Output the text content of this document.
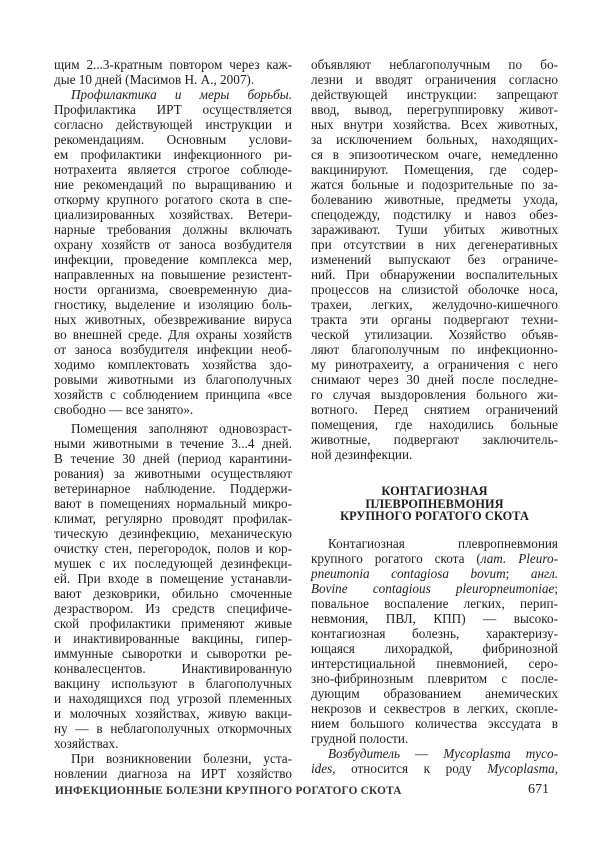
щим 2...3-кратным повтором через каж-
дые 10 дней (Масимов Н. А., 2007).
Профилактика и меры борьбы.
Профилактика ИРТ осуществляется
согласно действующей инструкции и
рекомендациям. Основным услови-
ем профилактики инфекционного ри-
нотрахеита является строгое соблюде-
ние рекомендаций по выращиванию и
откорму крупного рогатого скота в спе-
циализированных хозяйствах. Ветери-
нарные требования должны включать
охрану хозяйств от заноса возбудителя
инфекции, проведение комплекса мер,
направленных на повышение резистент-
ности организма, своевременную диа-
гностику, выделение и изоляцию боль-
ных животных, обезвреживание вируса
во внешней среде. Для охраны хозяйств
от заноса возбудителя инфекции необ-
ходимо комплектовать хозяйства здо-
ровыми животными из благополучных
хозяйств с соблюдением принципа «все
свободно — все занято».
Помещения заполняют одновозраст-
ными животными в течение 3...4 дней.
В течение 30 дней (период карантини-
рования) за животными осуществляют
ветеринарное наблюдение. Поддержи-
вают в помещениях нормальный микро-
климат, регулярно проводят профилак-
тическую дезинфекцию, механическую
очистку стен, перегородок, полов и кор-
мушек с их последующей дезинфекци-
ей. При входе в помещение устанавли-
вают дезковрики, обильно смоченные
дезраствором. Из средств специфиче-
ской профилактики применяют живые
и инактивированные вакцины, гипер-
иммунные сыворотки и сыворотки ре-
конвалесцентов. Инактивированную
вакцину используют в благополучных
и находящихся под угрозой племенных
и молочных хозяйствах, живую вакци-
ну — в неблагополучных откормочных
хозяйствах.
При возникновении болезни, уста-
новлении диагноза на ИРТ хозяйство
объявляют неблагополучным по бо-
лезни и вводят ограничения согласно
действующей инструкции: запрещают
ввод, вывод, перегруппировку живот-
ных внутри хозяйства. Всех животных,
за исключением больных, находящих-
ся в эпизоотическом очаге, немедленно
вакцинируют. Помещения, где содер-
жатся больные и подозрительные по за-
болеванию животные, предметы ухода,
спецодежду, подстилку и навоз обез-
зараживают. Туши убитых животных
при отсутствии в них дегенеративных
изменений выпускают без ограниче-
ний. При обнаружении воспалительных
процессов на слизистой оболочке носа,
трахеи, легких, желудочно-кишечного
тракта эти органы подвергают техни-
ческой утилизации. Хозяйство объяв-
ляют благополучным по инфекционно-
му ринотрахеиту, а ограничения с него
снимают через 30 дней после последне-
го случая выздоровления больного жи-
вотного. Перед снятием ограничений
помещения, где находились больные
животные, подвергают заключитель-
ной дезинфекции.
КОНТАГИОЗНАЯ
ПЛЕВРОПНЕВМОНИЯ
КРУПНОГО РОГАТОГО СКОТА
Контагиозная плевропневмония
крупного рогатого скота (лат. Pleuro-
pneumonia contagiosa bovum; англ.
Bovine contagious pleuropneumoniae;
повальное воспаление легких, перип-
невмония, ПВЛ, КПП) — высоко-
контагиозная болезнь, характеризу-
ющаяся лихорадкой, фибринозной
интерстициальной пневмонией, серо-
зно-фибринозным плевритом с после-
дующим образованием анемических
некрозов и секвестров в легких, скопле-
нием большого количества экссудата в
грудной полости.
Возбудитель — Mycoplasma myco-
ides, относится к роду Mycoplasma,
ИНФЕКЦИОННЫЕ БОЛЕЗНИ КРУПНОГО РОГАТОГО СКОТА	671
